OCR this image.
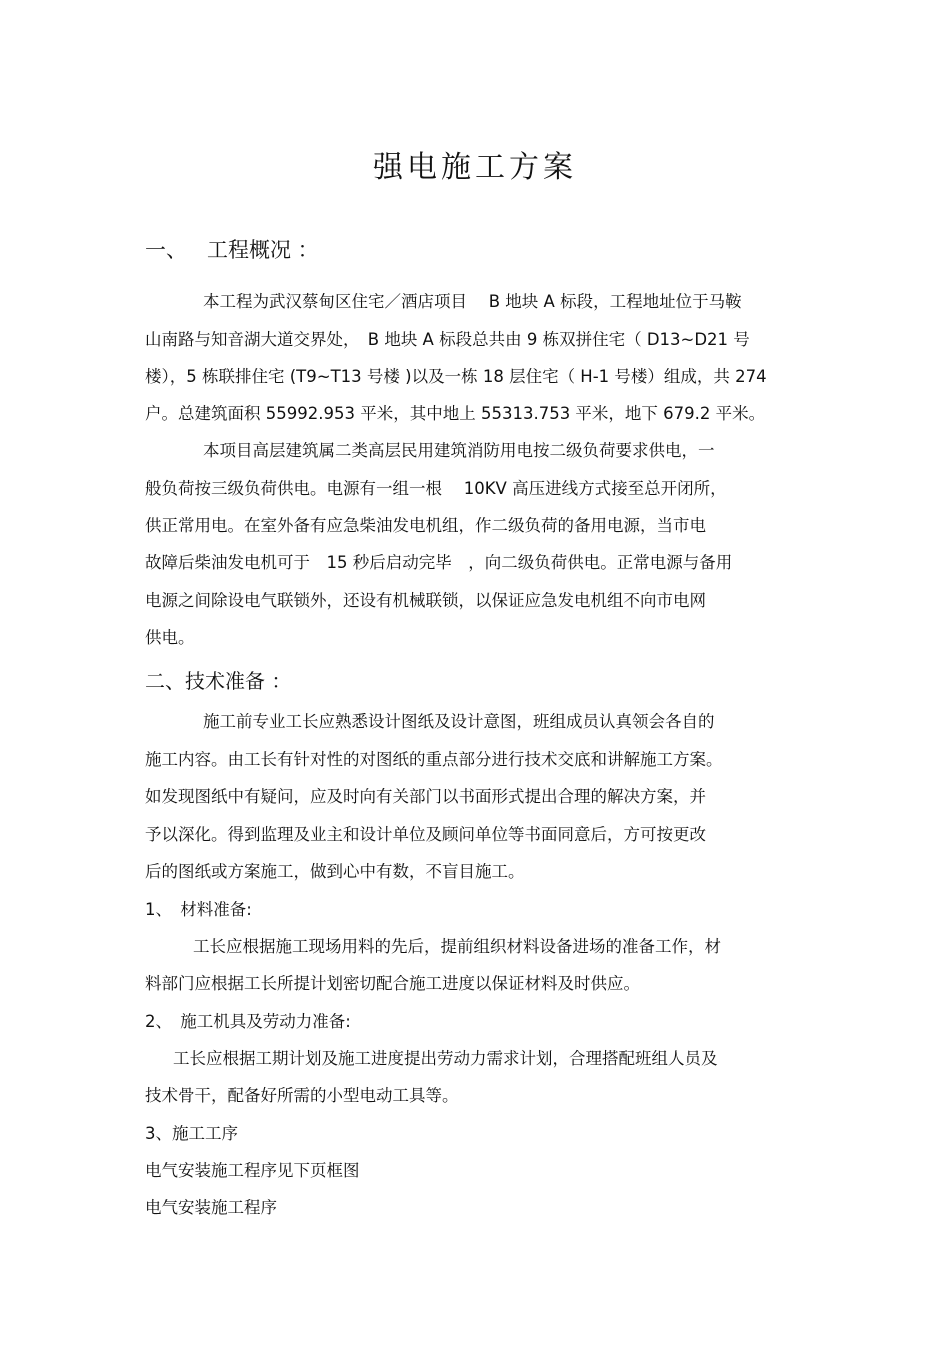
强电施工方案
一、 工程概况 ：
本工程为武汉蔡甸区住宅／酒店项目　 B 地块 A 标段，工程地址位于马鞍
山南路与知音湖大道交界处，　B 地块 A 标段总共由 9 栋双拼住宅（ D13~D21 号
楼），5 栋联排住宅 (T9~T13 号楼 )以及一栋 18 层住宅（ H-1 号楼）组成，共 274
户。总建筑面积 55992.953 平米，其中地上 55313.753 平米，地下 679.2 平米。
本项目高层建筑属二类高层民用建筑消防用电按二级负荷要求供电，一
般负荷按三级负荷供电。电源有一组一根　 10KV 高压进线方式接至总开闭所，
供正常用电。在室外备有应急柴油发电机组，作二级负荷的备用电源，当市电
故障后柴油发电机可于　15 秒后启动完毕　，向二级负荷供电。正常电源与备用
电源之间除设电气联锁外，还设有机械联锁，以保证应急发电机组不向市电网
供电。
二、技术准备 ：
施工前专业工长应熟悉设计图纸及设计意图，班组成员认真领会各自的
施工内容。由工长有针对性的对图纸的重点部分进行技术交底和讲解施工方案。
如发现图纸中有疑问，应及时向有关部门以书面形式提出合理的解决方案，并
予以深化。得到监理及业主和设计单位及顾问单位等书面同意后，方可按更改
后的图纸或方案施工，做到心中有数，不盲目施工。
1、　材料准备:
工长应根据施工现场用料的先后，提前组织材料设备进场的准备工作，材
料部门应根据工长所提计划密切配合施工进度以保证材料及时供应。
2、　施工机具及劳动力准备:
工长应根据工期计划及施工进度提出劳动力需求计划，合理搭配班组人员及
技术骨干，配备好所需的小型电动工具等。
3、施工工序
电气安装施工程序见下页框图
电气安装施工程序
